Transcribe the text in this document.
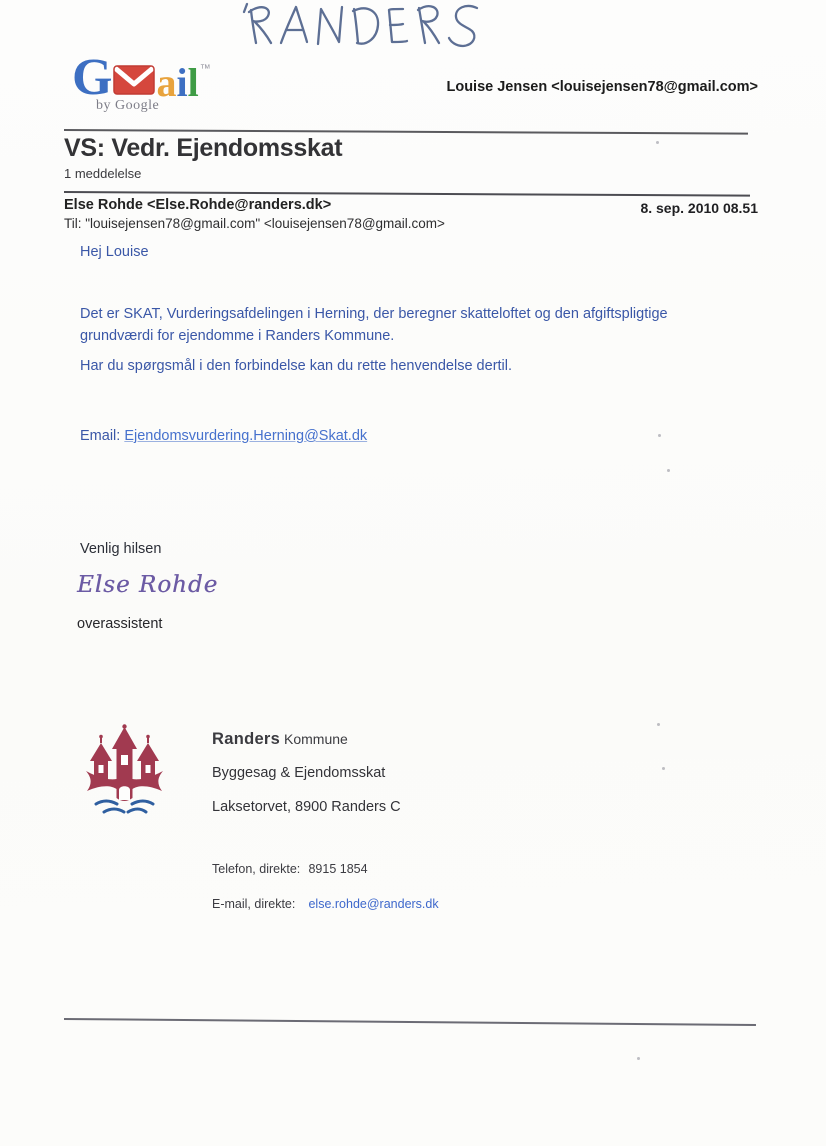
G a i l ™
by Google
Louise Jensen <louisejensen78@gmail.com>
VS: Vedr. Ejendomsskat
1 meddelelse
Else Rohde <Else.Rohde@randers.dk>
Til: "louisejensen78@gmail.com" <louisejensen78@gmail.com>
8. sep. 2010 08.51
Hej Louise
Det er SKAT, Vurderingsafdelingen i Herning, der beregner skatteloftet og den afgiftspligtige grundværdi for ejendomme i Randers Kommune.
Har du spørgsmål i den forbindelse kan du rette henvendelse dertil.
Email: Ejendomsvurdering.Herning@Skat.dk
Venlig hilsen
Else Rohde
overassistent
Randers Kommune
Byggesag & Ejendomsskat
Laksetorvet, 8900 Randers C
Telefon, direkte: 8915 1854
E-mail, direkte: else.rohde@randers.dk
